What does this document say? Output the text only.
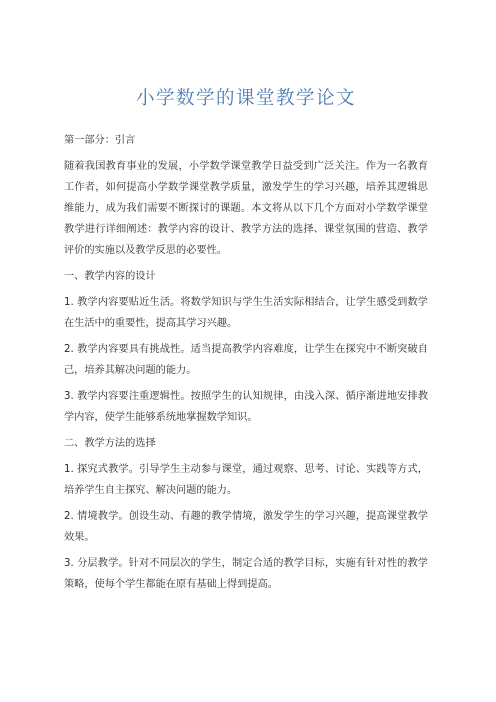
小学数学的课堂教学论文
第一部分：引言
随着我国教育事业的发展，小学数学课堂教学日益受到广泛关注。作为一名教育工作者，如何提高小学数学课堂教学质量，激发学生的学习兴趣，培养其逻辑思维能力，成为我们需要不断探讨的课题。本文将从以下几个方面对小学数学课堂教学进行详细阐述：教学内容的设计、教学方法的选择、课堂氛围的营造、教学评价的实施以及教学反思的必要性。
一、教学内容的设计
1. 教学内容要贴近生活。将数学知识与学生生活实际相结合，让学生感受到数学在生活中的重要性，提高其学习兴趣。
2. 教学内容要具有挑战性。适当提高教学内容难度，让学生在探究中不断突破自己，培养其解决问题的能力。
3. 教学内容要注重逻辑性。按照学生的认知规律，由浅入深、循序渐进地安排教学内容，使学生能够系统地掌握数学知识。
二、教学方法的选择
1. 探究式教学。引导学生主动参与课堂，通过观察、思考、讨论、实践等方式，培养学生自主探究、解决问题的能力。
2. 情境教学。创设生动、有趣的教学情境，激发学生的学习兴趣，提高课堂教学效果。
3. 分层教学。针对不同层次的学生，制定合适的教学目标，实施有针对性的教学策略，使每个学生都能在原有基础上得到提高。
